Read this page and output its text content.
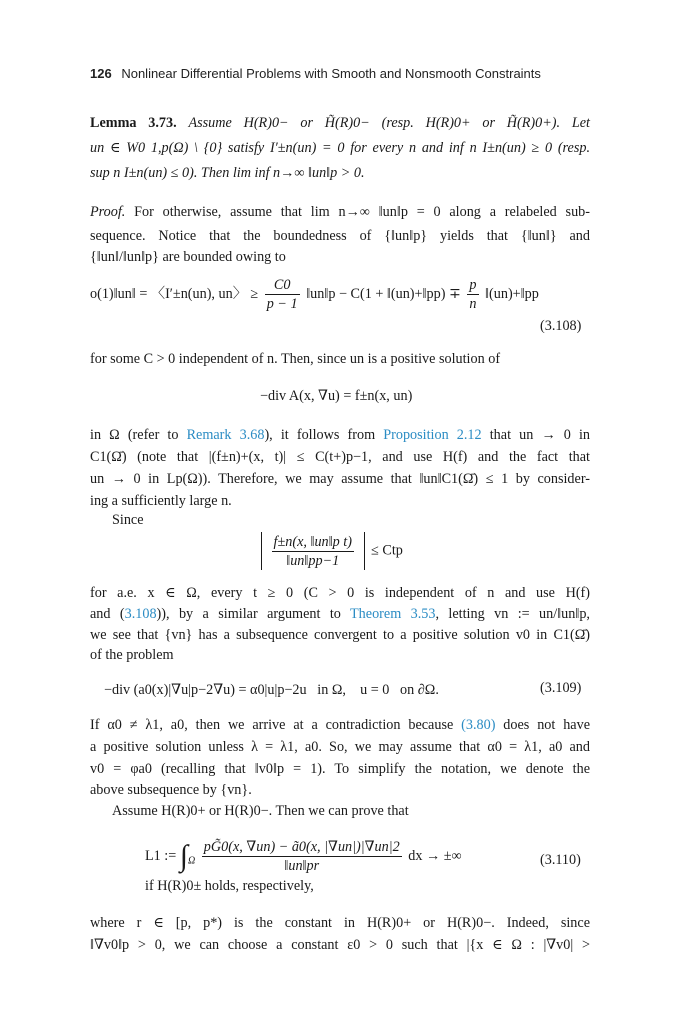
126 Nonlinear Differential Problems with Smooth and Nonsmooth Constraints
Lemma 3.73. Assume H(R)0− or H̃(R)0− (resp. H(R)0+ or H̃(R)0+). Let
un ∈ W0 1,p(Ω) \ {0} satisfy I′±n(un) = 0 for every n and inf n I±n(un) ≥ 0 (resp.
sup n I±n(un) ≤ 0). Then lim inf n→∞ ‖un‖p > 0.
Proof. For otherwise, assume that lim n→∞ ‖un‖p = 0 along a relabeled sub-
sequence. Notice that the boundedness of {‖un‖p} yields that {‖un‖} and
{‖un‖/‖un‖p} are bounded owing to
o(1)‖un‖ = 〈I′±n(un), un〉 ≥ $\frac{C0}{p - 1}$ ‖un‖p − C(1 + ‖(un)+‖pp) ∓ $\frac{p}{n}$ ‖(un)+‖pp
(3.108)
for some C > 0 independent of n. Then, since un is a positive solution of
−div A(x, ∇u) = f±n(x, un)
in Ω (refer to Remark 3.68), it follows from Proposition 2.12 that un → 0 in
C1(Ω̄) (note that |(f±n)+(x, t)| ≤ C(t+)p−1, and use H(f) and the fact that
un → 0 in Lp(Ω)). Therefore, we may assume that ‖un‖C1(Ω̄) ≤ 1 by consider-
ing a sufficiently large n.
Since

$\frac{\text{f±n(x, ‖un‖p t)}}{‖un‖pp-1}$ ≤ Ctp
for a.e. x ∈ Ω, every t ≥ 0 (C > 0 is independent of n and use H(f)
and (3.108)), by a similar argument to Theorem 3.53, letting vn := un/‖un‖p,
we see that {vn} has a subsequence convergent to a positive solution v0 in C1(Ω̄)
of the problem
−div (a0(x)|∇u|p−2∇u) = α0|u|p−2u   in Ω,    u = 0   on ∂Ω.	(3.109)
If α0 ≠ λ1, a0, then we arrive at a contradiction because (3.80) does not have
a positive solution unless λ = λ1, a0. So, we may assume that α0 = λ1, a0 and
v0 = φa0 (recalling that ‖v0‖p = 1). To simplify the notation, we denote the
above subsequence by {vn}.
Assume H(R)0+ or H(R)0−. Then we can prove that
L1 := $\int_\Omega \frac{pG̃0(x, \nabla un) - ã0(x, |\nabla un|)|\nabla un|2}{‖un‖pr}$ dx → ±∞	(3.110)
if H(R)0± holds, respectively,
where r ∈ [p, p*) is the constant in H(R)0+ or H(R)0−. Indeed, since
‖∇v0‖p > 0, we can choose a constant ε0 > 0 such that |{x ∈ Ω : |∇v0| >
